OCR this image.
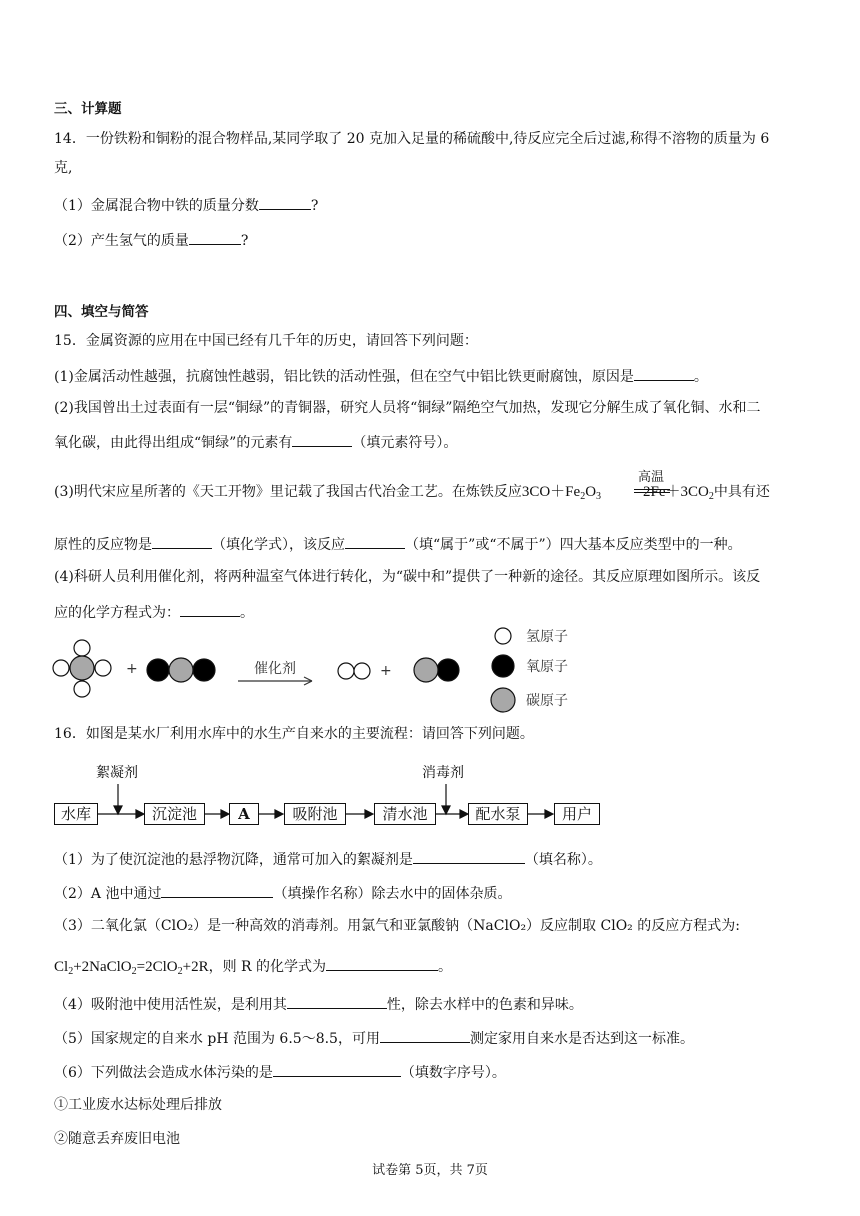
三、计算题
14．一份铁粉和铜粉的混合物样品,某同学取了 20 克加入足量的稀硫酸中,待反应完全后过滤,称得不溶物的质量为 6
克,
（1）金属混合物中铁的质量分数	?
（2）产生氢气的质量	?
四、填空与简答
15．金属资源的应用在中国已经有几千年的历史，请回答下列问题：
(1)金属活动性越强，抗腐蚀性越弱，铝比铁的活动性强，但在空气中铝比铁更耐腐蚀，原因是	。
(2)我国曾出土过表面有一层“铜绿”的青铜器，研究人员将“铜绿”隔绝空气加热，发现它分解生成了氧化铜、水和二
氧化碳，由此得出组成“铜绿”的元素有	（填元素符号）。
(3)明代宋应星所著的《天工开物》里记载了我国古代冶金工艺。在炼铁反应$3CO+Fe_2O_3$	$2Fe+3CO_2$中具有还
高温
原性的反应物是	（填化学式），该反应	（填“属于”或“不属于”）四大基本反应类型中的一种。
(4)科研人员利用催化剂，将两种温室气体进行转化，为“碳中和”提供了一种新的途径。其反应原理如图所示。该反
应的化学方程式为：	。
+	催化剂	+
氢原子
氧原子
碳原子
16．如图是某水厂利用水库中的水生产自来水的主要流程：请回答下列问题。
絮凝剂	消毒剂
水库	沉淀池	A	吸附池	清水池	配水泵	用户
（1）为了使沉淀池的悬浮物沉降，通常可加入的絮凝剂是	（填名称）。
（2）A 池中通过	（填操作名称）除去水中的固体杂质。
（3）二氧化氯（ClO₂）是一种高效的消毒剂。用氯气和亚氯酸钠（NaClO₂）反应制取 ClO₂ 的反应方程式为:
$Cl_2+2NaClO_2=2ClO_2+2R$，则 R 的化学式为	。
（4）吸附池中使用活性炭，是利用其	性，除去水样中的色素和异味。
（5）国家规定的自来水 pH 范围为 6.5～8.5，可用	测定家用自来水是否达到这一标准。
（6）下列做法会造成水体污染的是	（填数字序号）。
①工业废水达标处理后排放
②随意丢弃废旧电池
试卷第 5页，共 7页
